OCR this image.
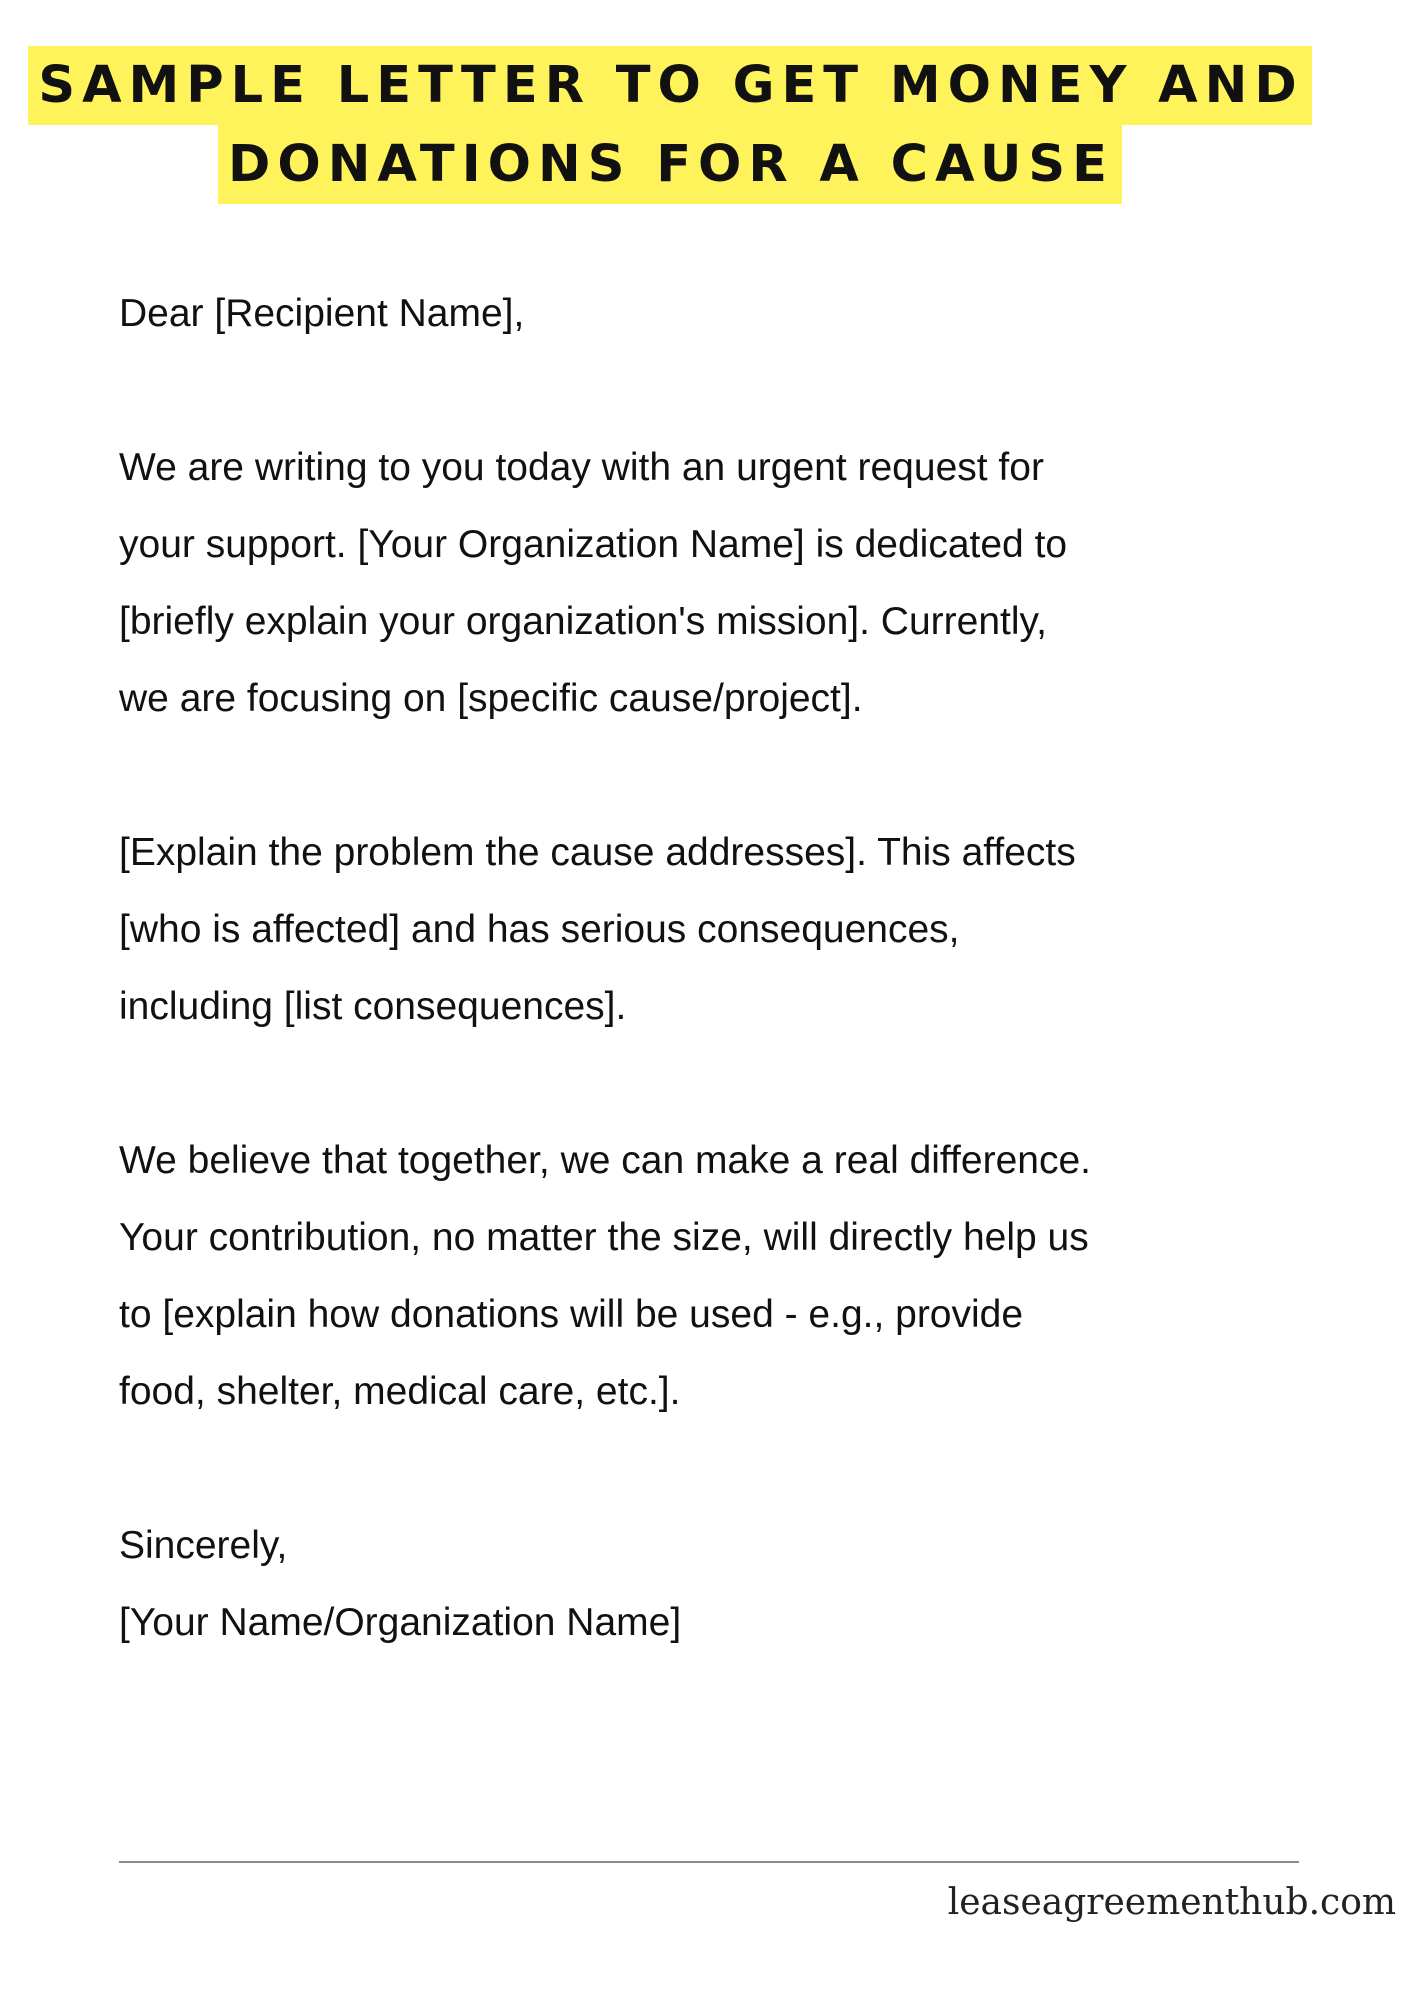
SAMPLE LETTER TO GET MONEY AND
DONATIONS FOR A CAUSE

Dear [Recipient Name],

We are writing to you today with an urgent request for

your support. [Your Organization Name] is dedicated to

[briefly explain your organization's mission]. Currently,

we are focusing on [specific cause/project].

[Explain the problem the cause addresses]. This affects

[who is affected] and has serious consequences,

including [list consequences].

We believe that together, we can make a real difference.

Your contribution, no matter the size, will directly help us

to [explain how donations will be used - e.g., provide

food, shelter, medical care, etc.].

Sincerely,

[Your Name/Organization Name]

leaseagreementhub.com
